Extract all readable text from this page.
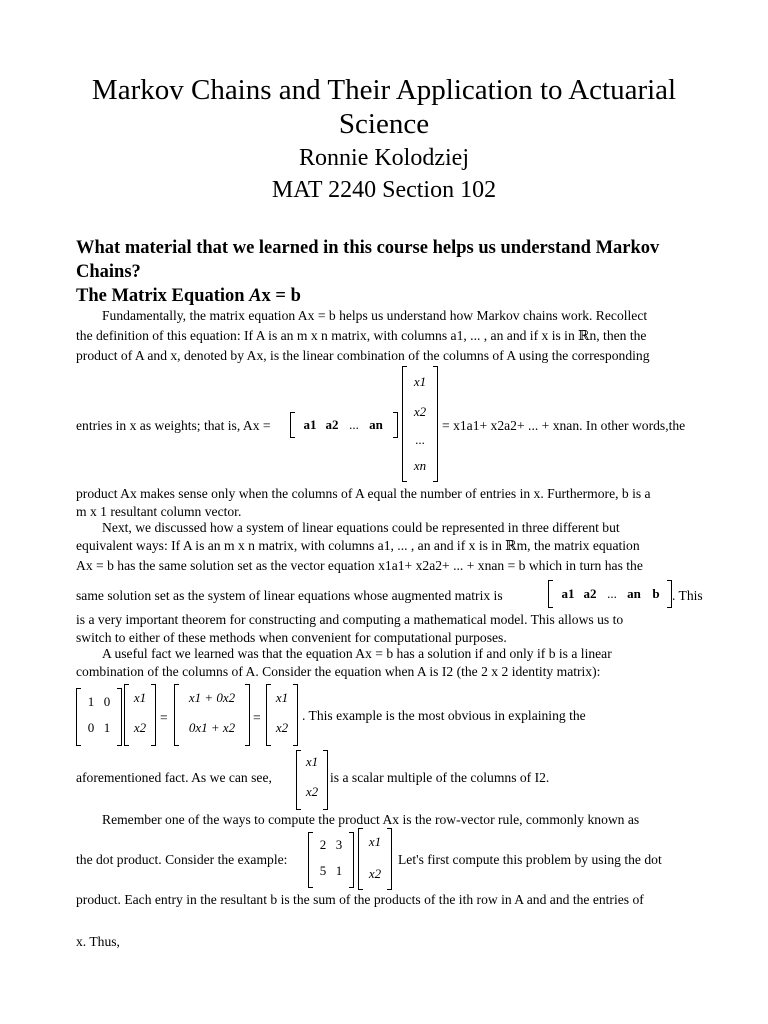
Markov Chains and Their Application to Actuarial
Science
Ronnie Kolodziej
MAT 2240 Section 102
What material that we learned in this course helps us understand Markov
Chains?
The Matrix Equation Ax = b
Fundamentally, the matrix equation Ax = b helps us understand how Markov chains work. Recollect
the definition of this equation: If A is an m x n matrix, with columns a1, ... , an and if x is in ℝn, then the
product of A and x, denoted by Ax, is the linear combination of the columns of A using the corresponding
entries in x as weights; that is, Ax =	a1 a2 ... an
x1
x2
...
xn
= x1a1+ x2a2+ ... + xnan. In other words,the
product Ax makes sense only when the columns of A equal the number of entries in x. Furthermore, b is a
m x 1 resultant column vector.
Next, we discussed how a system of linear equations could be represented in three different but
equivalent ways: If A is an m x n matrix, with columns a1, ... , an and if x is in ℝm, the matrix equation
Ax = b has the same solution set as the vector equation x1a1+ x2a2+ ... + xnan = b which in turn has the
same solution set as the system of linear equations whose augmented matrix is	a1 a2 ... an b . This
is a very important theorem for constructing and computing a mathematical model. This allows us to
switch to either of these methods when convenient for computational purposes.
A useful fact we learned was that the equation Ax = b has a solution if and only if b is a linear
combination of the columns of A. Consider the equation when A is I2 (the 2 x 2 identity matrix):
1 0
0 1
x1
x2
=
x1 + 0x2
0x1 + x2
=
x1
x2
. This example is the most obvious in explaining the
aforementioned fact. As we can see,
x1
x2
is a scalar multiple of the columns of I2.
Remember one of the ways to compute the product Ax is the row-vector rule, commonly known as
the dot product. Consider the example:
2 3
5 1
x1
x2
Let's first compute this problem by using the dot
product. Each entry in the resultant b is the sum of the products of the ith row in A and and the entries of
x. Thus,
